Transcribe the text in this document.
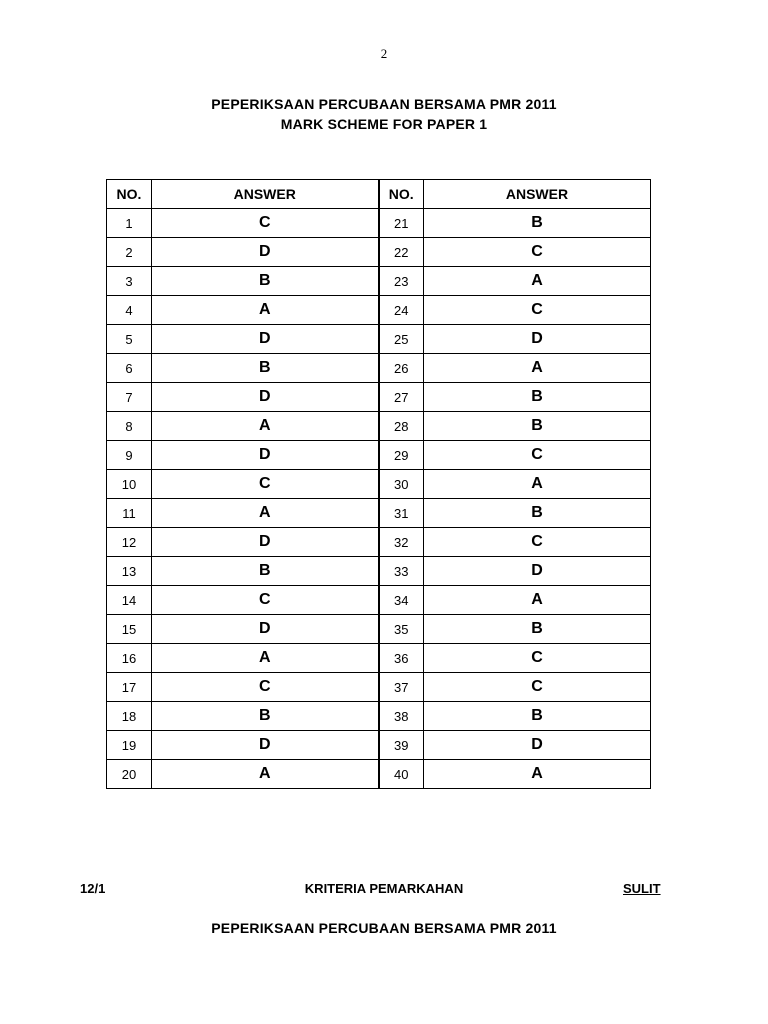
2
PEPERIKSAAN PERCUBAAN BERSAMA PMR 2011
MARK SCHEME FOR PAPER 1
NO.	ANSWER	NO.	ANSWER
1	C	21	B
2	D	22	C
3	B	23	A
4	A	24	C
5	D	25	D
6	B	26	A
7	D	27	B
8	A	28	B
9	D	29	C
10	C	30	A
11	A	31	B
12	D	32	C
13	B	33	D
14	C	34	A
15	D	35	B
16	A	36	C
17	C	37	C
18	B	38	B
19	D	39	D
20	A	40	A
12/1	KRITERIA PEMARKAHAN	SULIT
PEPERIKSAAN PERCUBAAN BERSAMA PMR 2011
